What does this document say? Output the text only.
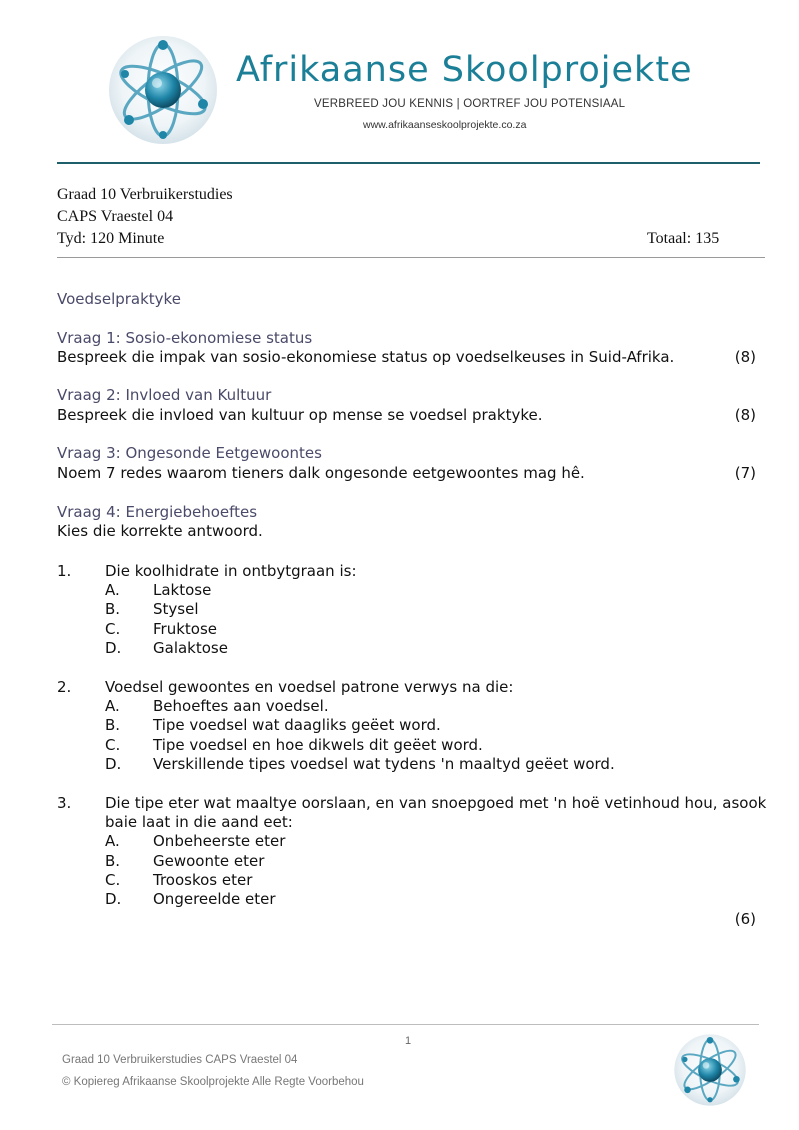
Afrikaanse Skoolprojekte
VERBREED JOU KENNIS | OORTREF JOU POTENSIAAL
www.afrikaanseskoolprojekte.co.za
Graad 10 Verbruikerstudies
CAPS Vraestel 04
Tyd: 120 Minute	Totaal: 135
Voedselpraktyke
Vraag 1: Sosio-ekonomiese status
Bespreek die impak van sosio-ekonomiese status op voedselkeuses in Suid-Afrika.	(8)
Vraag 2: Invloed van Kultuur
Bespreek die invloed van kultuur op mense se voedsel praktyke.	(8)
Vraag 3: Ongesonde Eetgewoontes
Noem 7 redes waarom tieners dalk ongesonde eetgewoontes mag hê.	(7)
Vraag 4: Energiebehoeftes
Kies die korrekte antwoord.
1. Die koolhidrate in ontbytgraan is:
A. Laktose
B. Stysel
C. Fruktose
D. Galaktose
2. Voedsel gewoontes en voedsel patrone verwys na die:
A. Behoeftes aan voedsel.
B. Tipe voedsel wat daagliks geëet word.
C. Tipe voedsel en hoe dikwels dit geëet word.
D. Verskillende tipes voedsel wat tydens 'n maaltyd geëet word.
3. Die tipe eter wat maaltye oorslaan, en van snoepgoed met 'n hoë vetinhoud hou, asook
baie laat in die aand eet:
A. Onbeheerste eter
B. Gewoonte eter
C. Trooskos eter
D. Ongereelde eter
(6)
1
Graad 10 Verbruikerstudies CAPS Vraestel 04
© Kopiereg Afrikaanse Skoolprojekte Alle Regte Voorbehou
